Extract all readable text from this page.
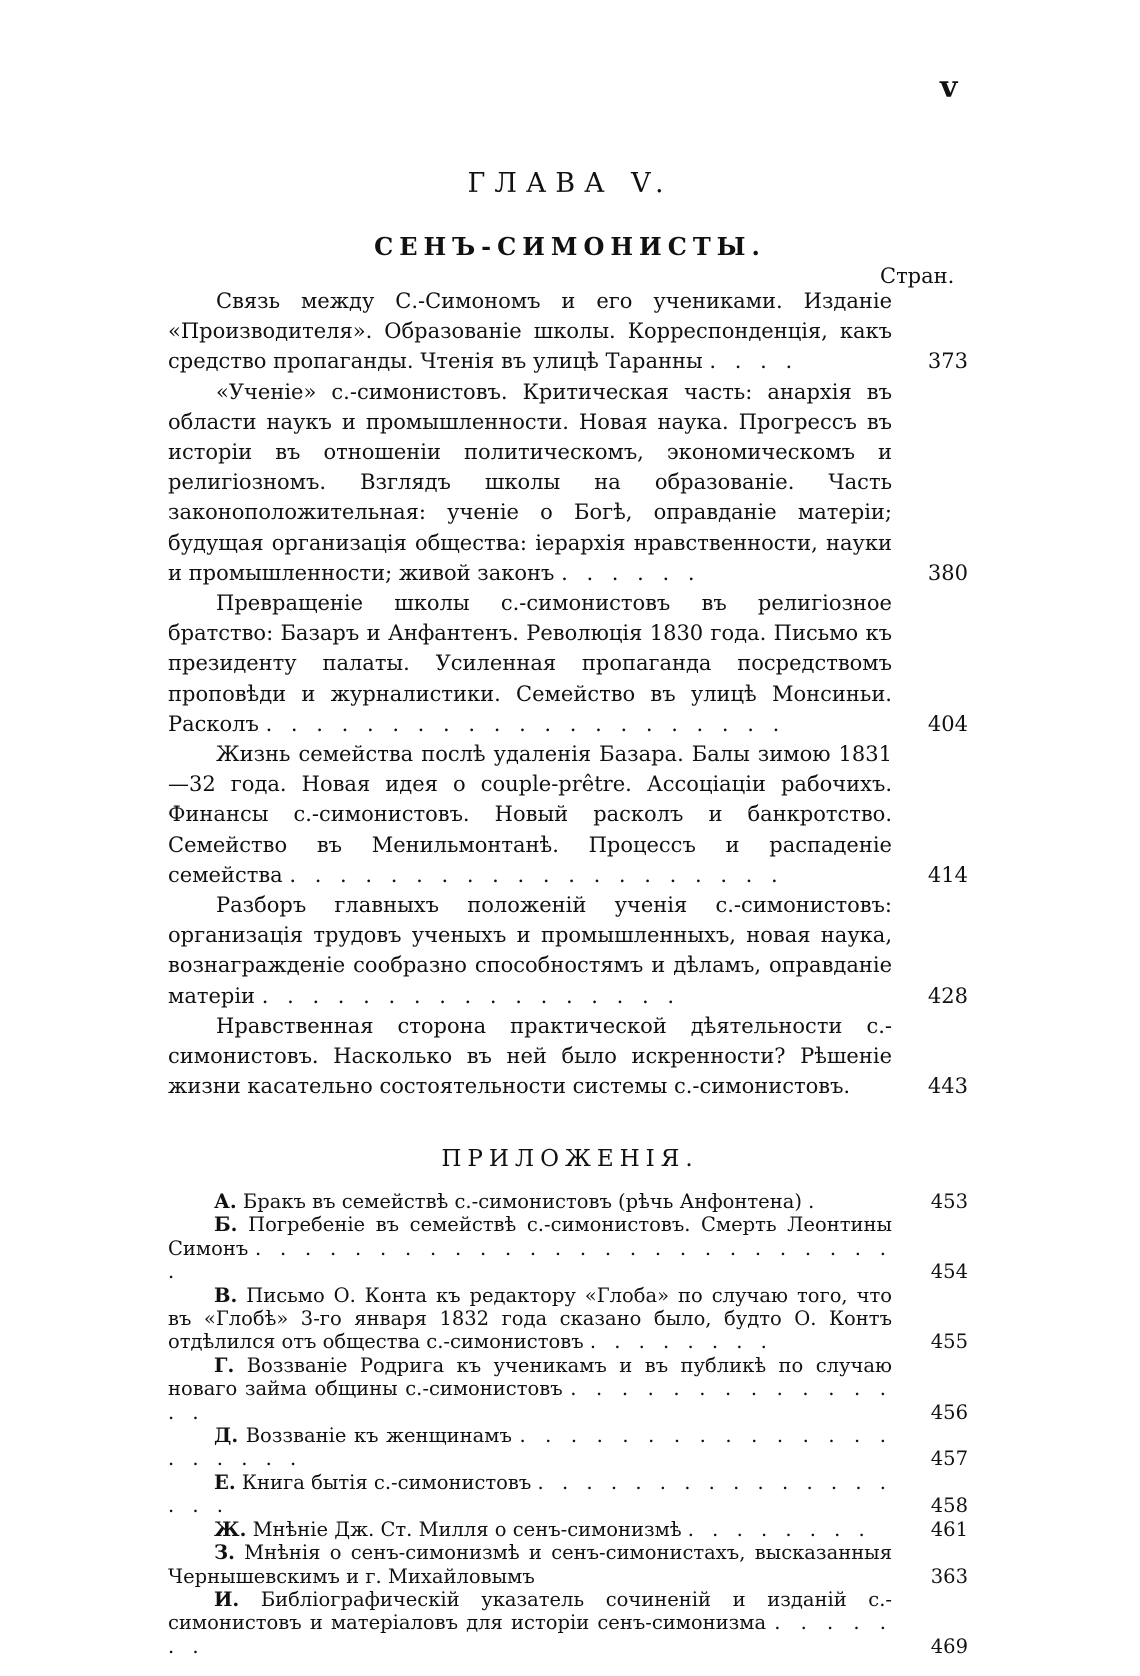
v
ГЛАВА V.
СЕНЪ-СИМОНИСТЫ.
Стран.
Связь между С.-Симономъ и его учениками. Изданіе «Производителя». Образованіе школы. Корреспонденція, какъ средство пропаганды. Чтенія въ улицѣ Таранны . . . .	373
«Ученіе» с.-симонистовъ. Критическая часть: анархія въ области наукъ и промышленности. Новая наука. Прогрессъ въ исторіи въ отношеніи политическомъ, экономическомъ и религіозномъ. Взглядъ школы на образованіе. Часть законоположительная: ученіе о Богѣ, оправданіе матеріи; будущая организація общества: іерархія нравственности, науки и промышленности; живой законъ . . . . . .	380
Превращеніе школы с.-симонистовъ въ религіозное братство: Базаръ и Анфантенъ. Революція 1830 года. Письмо къ президенту палаты. Усиленная пропаганда посредствомъ проповѣди и журналистики. Семейство въ улицѣ Монсиньи. Расколъ . . . . . . . . . . . . . . . . . . . . .	404
Жизнь семейства послѣ удаленія Базара. Балы зимою 1831—32 года. Новая идея о couple-prêtre. Ассоціаціи рабочихъ. Финансы с.-симонистовъ. Новый расколъ и банкротство. Семейство въ Менильмонтанѣ. Процессъ и распаденіе семейства . . . . . . . . . . . . . . . . . . . .	414
Разборъ главныхъ положеній ученія с.-симонистовъ: организація трудовъ ученыхъ и промышленныхъ, новая наука, вознагражденіе сообразно способностямъ и дѣламъ, оправданіе матеріи . . . . . . . . . . . . . . . . .	428
Нравственная сторона практической дѣятельности с.-симонистовъ. Насколько въ ней было искренности? Рѣшеніе жизни касательно состоятельности системы с.-симонистовъ.	443
ПРИЛОЖЕНІЯ.
А. Бракъ въ семействѣ с.-симонистовъ (рѣчь Анфонтена) .	453
Б. Погребеніе въ семействѣ с.-симонистовъ. Смерть Леонтины Симонъ . . . . . . . . . . . . . . . . . . . . . . . . . . .	454
В. Письмо О. Конта къ редактору «Глоба» по случаю того, что въ «Глобѣ» 3-го января 1832 года сказано было, будто О. Контъ отдѣлился отъ общества с.-симонистовъ . . . . . . . .	455
Г. Воззваніе Родрига къ ученикамъ и въ публикѣ по случаю новаго займа общины с.-симонистовъ . . . . . . . . . . . . . . .	456
Д. Воззваніе къ женщинамъ . . . . . . . . . . . . . . . . . . . . .	457
Е. Книга бытія с.-симонистовъ . . . . . . . . . . . . . . . . . .	458
Ж. Мнѣніе Дж. Ст. Милля о сенъ-симонизмѣ . . . . . . . .	461
З. Мнѣнія о сенъ-симонизмѣ и сенъ-симонистахъ, высказанныя Чернышевскимъ и г. Михайловымъ	363
И. Библіографическій указатель сочиненій и изданій с.-симонистовъ и матеріаловъ для исторіи сенъ-симонизма . . . . . . .	469
